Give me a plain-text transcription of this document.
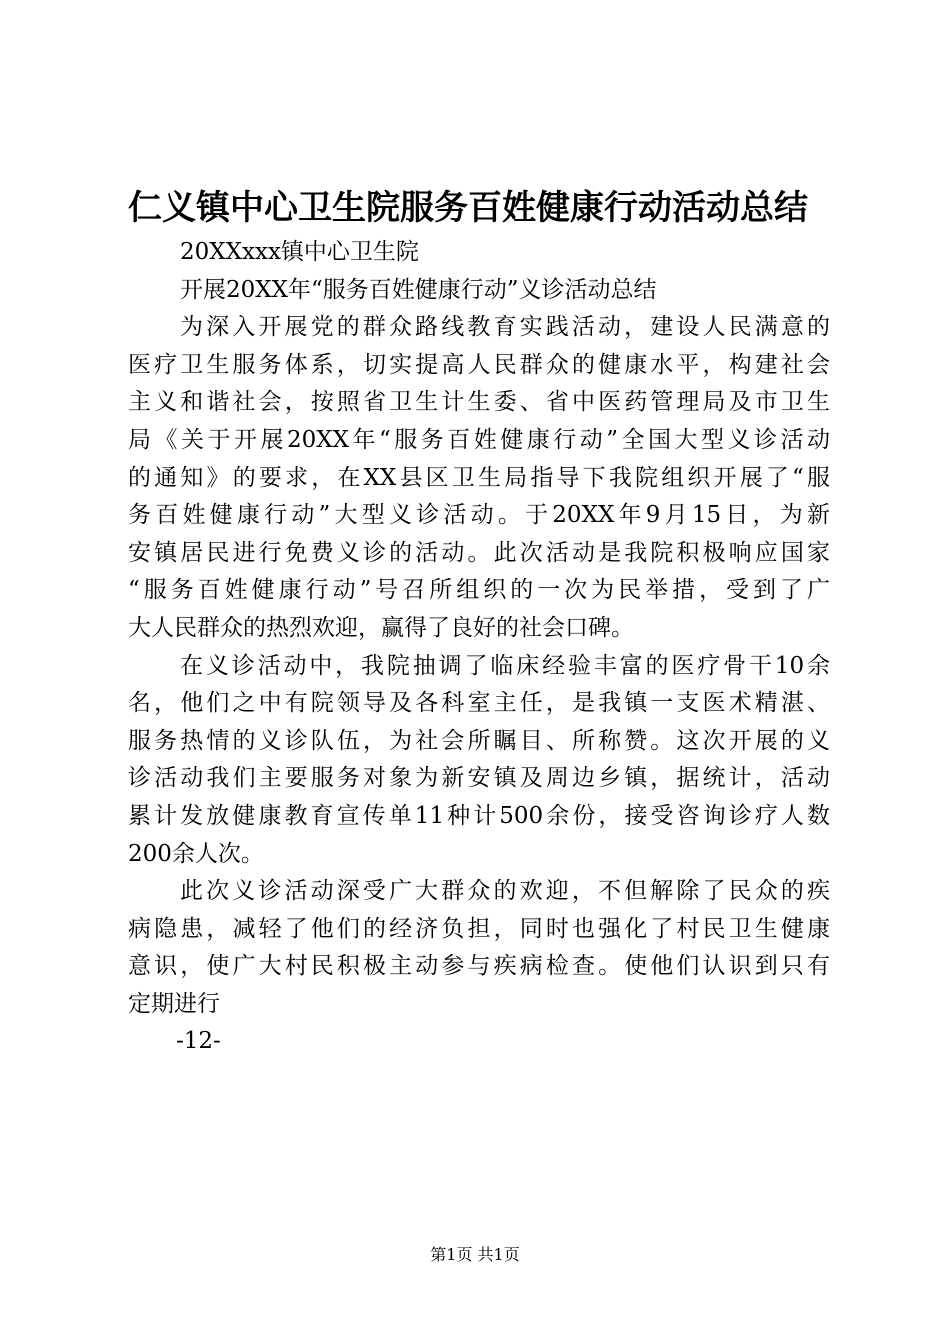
仁义镇中心卫生院服务百姓健康行动活动总结
20XXxxx镇中心卫生院
开展20XX年“服务百姓健康行动”义诊活动总结
为深入开展党的群众路线教育实践活动，建设人民满意的
医疗卫生服务体系，切实提高人民群众的健康水平，构建社会
主义和谐社会，按照省卫生计生委、省中医药管理局及市卫生
局《关于开展20XX年“服务百姓健康行动”全国大型义诊活动
的通知》的要求，在XX县区卫生局指导下我院组织开展了“服
务百姓健康行动”大型义诊活动。于20XX年9月15日，为新
安镇居民进行免费义诊的活动。此次活动是我院积极响应国家
“服务百姓健康行动”号召所组织的一次为民举措，受到了广
大人民群众的热烈欢迎，赢得了良好的社会口碑。
在义诊活动中，我院抽调了临床经验丰富的医疗骨干10余
名，他们之中有院领导及各科室主任，是我镇一支医术精湛、
服务热情的义诊队伍，为社会所瞩目、所称赞。这次开展的义
诊活动我们主要服务对象为新安镇及周边乡镇，据统计，活动
累计发放健康教育宣传单11种计500余份，接受咨询诊疗人数
200余人次。
此次义诊活动深受广大群众的欢迎，不但解除了民众的疾
病隐患，减轻了他们的经济负担，同时也强化了村民卫生健康
意识，使广大村民积极主动参与疾病检查。使他们认识到只有
定期进行
-12-
第1页 共1页
